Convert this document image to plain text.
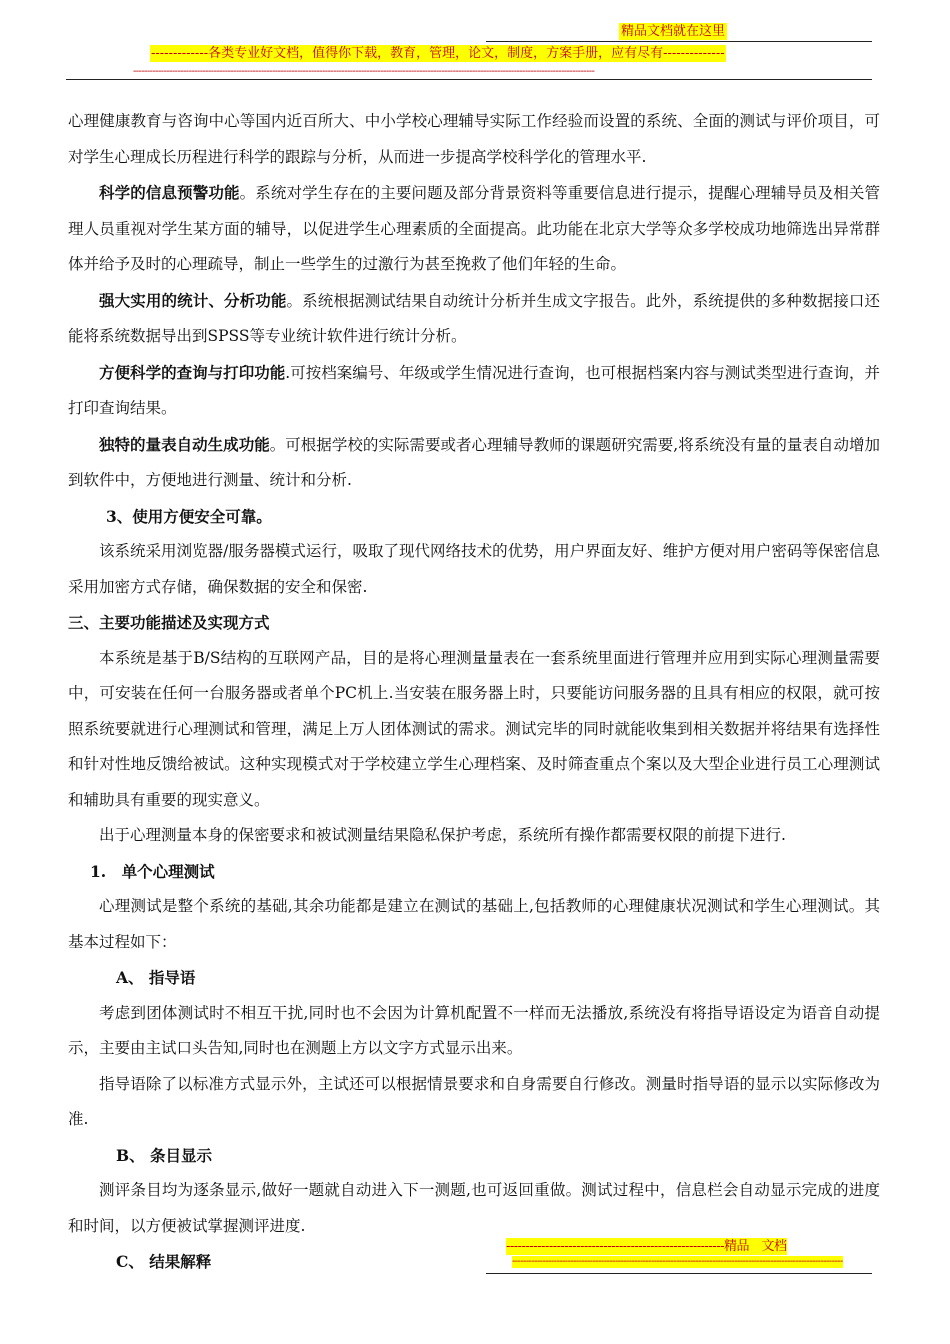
精品文档就在这里
-------------各类专业好文档，值得你下载，教育，管理，论文，制度，方案手册，应有尽有--------------
----------------------------------------------------------------------------------------------------------------------------------------------------------------------

心理健康教育与咨询中心等国内近百所大、中小学校心理辅导实际工作经验而设置的系统、全面的测试与评价项目，可对学生心理成长历程进行科学的跟踪与分析，从而进一步提高学校科学化的管理水平.

科学的信息预警功能。系统对学生存在的主要问题及部分背景资料等重要信息进行提示，提醒心理辅导员及相关管理人员重视对学生某方面的辅导，以促进学生心理素质的全面提高。此功能在北京大学等众多学校成功地筛选出异常群体并给予及时的心理疏导，制止一些学生的过激行为甚至挽救了他们年轻的生命。

强大实用的统计、分析功能。系统根据测试结果自动统计分析并生成文字报告。此外，系统提供的多种数据接口还能将系统数据导出到SPSS等专业统计软件进行统计分析。

方便科学的查询与打印功能.可按档案编号、年级或学生情况进行查询，也可根据档案内容与测试类型进行查询，并打印查询结果。

独特的量表自动生成功能。可根据学校的实际需要或者心理辅导教师的课题研究需要,将系统没有量的量表自动增加到软件中，方便地进行测量、统计和分析.

3、使用方便安全可靠。

该系统采用浏览器/服务器模式运行，吸取了现代网络技术的优势，用户界面友好、维护方便对用户密码等保密信息采用加密方式存储，确保数据的安全和保密.

三、主要功能描述及实现方式

本系统是基于B/S结构的互联网产品，目的是将心理测量量表在一套系统里面进行管理并应用到实际心理测量需要中，可安装在任何一台服务器或者单个PC机上.当安装在服务器上时，只要能访问服务器的且具有相应的权限，就可按照系统要就进行心理测试和管理，满足上万人团体测试的需求。测试完毕的同时就能收集到相关数据并将结果有选择性和针对性地反馈给被试。这种实现模式对于学校建立学生心理档案、及时筛查重点个案以及大型企业进行员工心理测试和辅助具有重要的现实意义。

出于心理测量本身的保密要求和被试测量结果隐私保护考虑，系统所有操作都需要权限的前提下进行.

1.　单个心理测试

心理测试是整个系统的基础,其余功能都是建立在测试的基础上,包括教师的心理健康状况测试和学生心理测试。其基本过程如下：

A、 指导语

考虑到团体测试时不相互干扰,同时也不会因为计算机配置不一样而无法播放,系统没有将指导语设定为语音自动提示，主要由主试口头告知,同时也在测题上方以文字方式显示出来。

指导语除了以标准方式显示外，主试还可以根据情景要求和自身需要自行修改。测量时指导语的显示以实际修改为准.

B、 条目显示

测评条目均为逐条显示,做好一题就自动进入下一测题,也可返回重做。测试过程中，信息栏会自动显示完成的进度和时间，以方便被试掌握测评进度.

C、 结果解释

--------------------------------------------------------精品　文档
-----------------------------------------------------------------------------------------------------------------------
